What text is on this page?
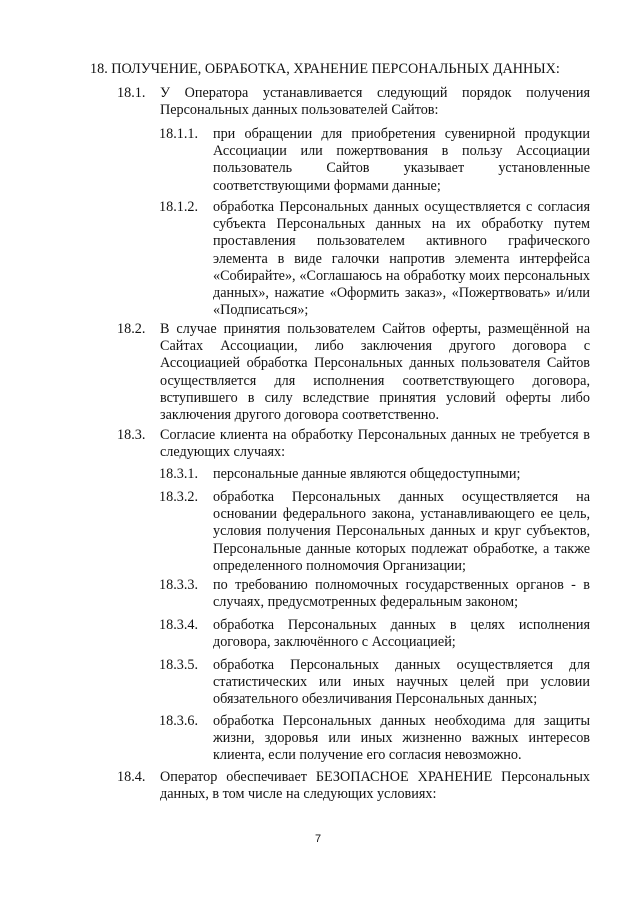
18. ПОЛУЧЕНИЕ, ОБРАБОТКА, ХРАНЕНИЕ ПЕРСОНАЛЬНЫХ ДАННЫХ:
18.1. У Оператора устанавливается следующий порядок получения Персональных данных пользователей Сайтов:
18.1.1. при обращении для приобретения сувенирной продукции Ассоциации или пожертвования в пользу Ассоциации пользователь Сайтов указывает установленные соответствующими формами данные;
18.1.2. обработка Персональных данных осуществляется с согласия субъекта Персональных данных на их обработку путем проставления пользователем активного графического элемента в виде галочки напротив элемента интерфейса «Собирайте», «Соглашаюсь на обработку моих персональных данных», нажатие «Оформить заказ», «Пожертвовать» и/или «Подписаться»;
18.2. В случае принятия пользователем Сайтов оферты, размещённой на Сайтах Ассоциации, либо заключения другого договора с Ассоциацией обработка Персональных данных пользователя Сайтов осуществляется для исполнения соответствующего договора, вступившего в силу вследствие принятия условий оферты либо заключения другого договора соответственно.
18.3. Согласие клиента на обработку Персональных данных не требуется в следующих случаях:
18.3.1. персональные данные являются общедоступными;
18.3.2. обработка Персональных данных осуществляется на основании федерального закона, устанавливающего ее цель, условия получения Персональных данных и круг субъектов, Персональные данные которых подлежат обработке, а также определенного полномочия Организации;
18.3.3. по требованию полномочных государственных органов - в случаях, предусмотренных федеральным законом;
18.3.4. обработка Персональных данных в целях исполнения договора, заключённого с Ассоциацией;
18.3.5. обработка Персональных данных осуществляется для статистических или иных научных целей при условии обязательного обезличивания Персональных данных;
18.3.6. обработка Персональных данных необходима для защиты жизни, здоровья или иных жизненно важных интересов клиента, если получение его согласия невозможно.
18.4. Оператор обеспечивает БЕЗОПАСНОЕ ХРАНЕНИЕ Персональных данных, в том числе на следующих условиях:
7
